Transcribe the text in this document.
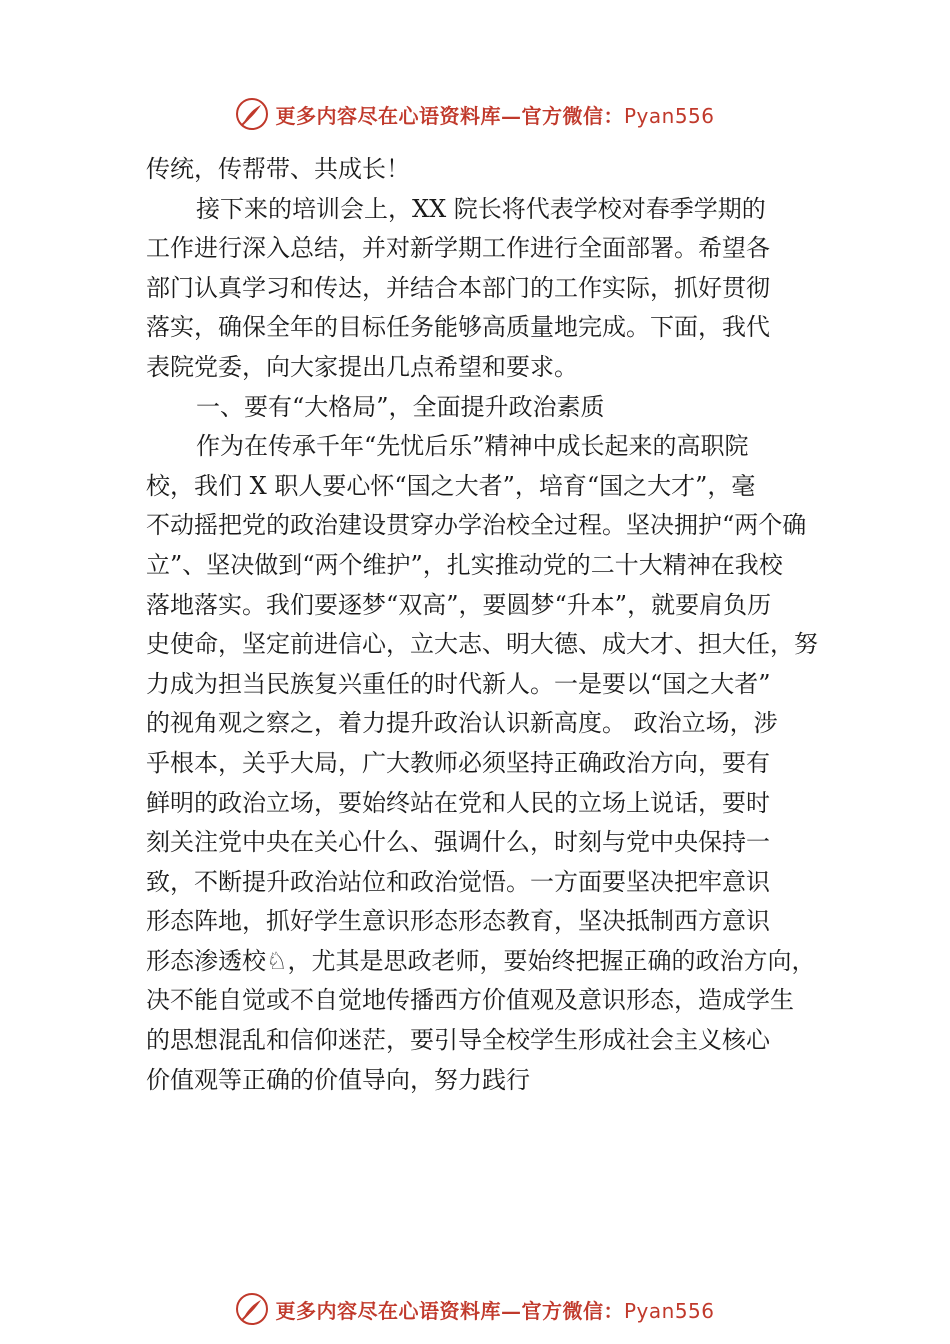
更多内容尽在心语资料库—官方微信：Pyan556
传统，传帮带、共成长！
接下来的培训会上，XX 院长将代表学校对春季学期的
工作进行深入总结，并对新学期工作进行全面部署。希望各
部门认真学习和传达，并结合本部门的工作实际，抓好贯彻
落实，确保全年的目标任务能够高质量地完成。下面，我代
表院党委，向大家提出几点希望和要求。
一、要有“大格局”，全面提升政治素质
作为在传承千年“先忧后乐”精神中成长起来的高职院
校，我们 X 职人要心怀“国之大者”，培育“国之大才”，毫
不动摇把党的政治建设贯穿办学治校全过程。坚决拥护“两个确
立”、坚决做到“两个维护”，扎实推动党的二十大精神在我校
落地落实。我们要逐梦“双高”，要圆梦“升本”，就要肩负历
史使命，坚定前进信心，立大志、明大德、成大才、担大任，努
力成为担当民族复兴重任的时代新人。一是要以“国之大者”
的视角观之察之，着力提升政治认识新高度。 政治立场，涉
乎根本，关乎大局，广大教师必须坚持正确政治方向，要有
鲜明的政治立场，要始终站在党和人民的立场上说话，要时
刻关注党中央在关心什么、强调什么，时刻与党中央保持一
致，不断提升政治站位和政治觉悟。一方面要坚决把牢意识
形态阵地，抓好学生意识形态形态教育，坚决抵制西方意识
形态渗透校♘，尤其是思政老师，要始终把握正确的政治方向，
决不能自觉或不自觉地传播西方价值观及意识形态，造成学生
的思想混乱和信仰迷茫，要引导全校学生形成社会主义核心
价值观等正确的价值导向，努力践行
更多内容尽在心语资料库—官方微信：Pyan556
